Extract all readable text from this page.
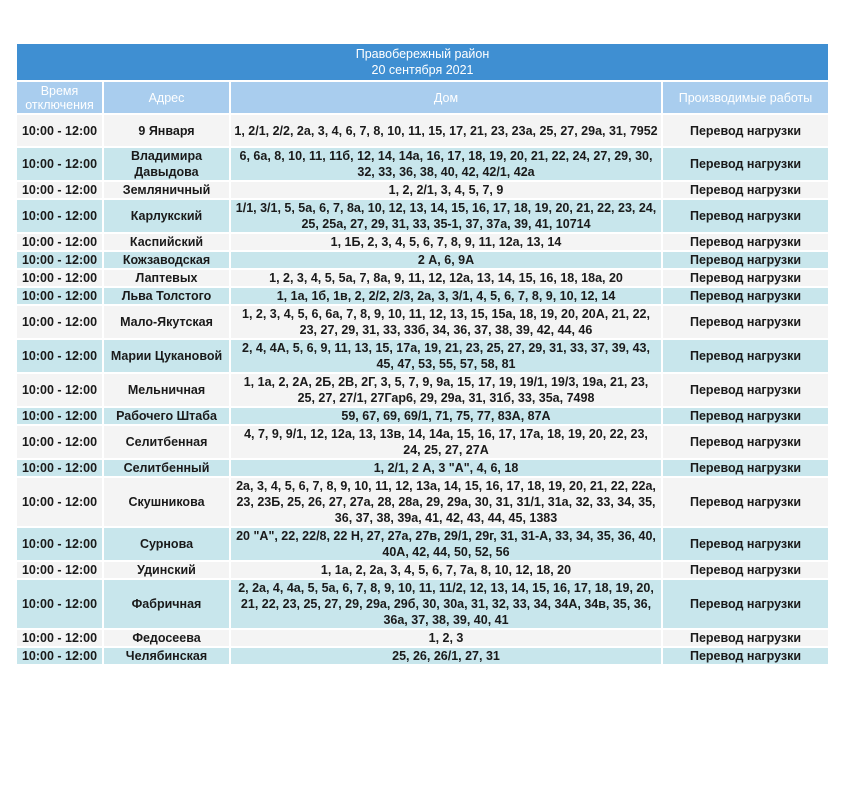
Правобережный район
20 сентября 2021			
Время
отключения	Адрес	Дом	Производимые работы
10:00 - 12:00	9 Января	1, 2/1, 2/2, 2а, 3, 4, 6, 7, 8, 10, 11, 15, 17, 21, 23, 23а, 25, 27, 29а, 31, 7952	Перевод нагрузки
10:00 - 12:00	Владимира Давыдова	6, 6а, 8, 10, 11, 11б, 12, 14, 14а, 16, 17, 18, 19, 20, 21, 22, 24, 27, 29, 30, 32, 33, 36, 38, 40, 42, 42/1, 42а	Перевод нагрузки
10:00 - 12:00	Земляничный	1, 2, 2/1, 3, 4, 5, 7, 9	Перевод нагрузки
10:00 - 12:00	Карлукский	1/1, 3/1, 5, 5а, 6, 7, 8а, 10, 12, 13, 14, 15, 16, 17, 18, 19, 20, 21, 22, 23, 24, 25, 25а, 27, 29, 31, 33, 35-1, 37, 37а, 39, 41, 10714	Перевод нагрузки
10:00 - 12:00	Каспийский	1, 1Б, 2, 3, 4, 5, 6, 7, 8, 9, 11, 12а, 13, 14	Перевод нагрузки
10:00 - 12:00	Кожзаводская	2 А, 6, 9А	Перевод нагрузки
10:00 - 12:00	Лаптевых	1, 2, 3, 4, 5, 5а, 7, 8а, 9, 11, 12, 12а, 13, 14, 15, 16, 18, 18а, 20	Перевод нагрузки
10:00 - 12:00	Льва Толстого	1, 1а, 1б, 1в, 2, 2/2, 2/3, 2а, 3, 3/1, 4, 5, 6, 7, 8, 9, 10, 12, 14	Перевод нагрузки
10:00 - 12:00	Мало-Якутская	1, 2, 3, 4, 5, 6, 6а, 7, 8, 9, 10, 11, 12, 13, 15, 15а, 18, 19, 20, 20А, 21, 22, 23, 27, 29, 31, 33, 33б, 34, 36, 37, 38, 39, 42, 44, 46	Перевод нагрузки
10:00 - 12:00	Марии Цукановой	2, 4, 4А, 5, 6, 9, 11, 13, 15, 17а, 19, 21, 23, 25, 27, 29, 31, 33, 37, 39, 43, 45, 47, 53, 55, 57, 58, 81	Перевод нагрузки
10:00 - 12:00	Мельничная	1, 1а, 2, 2А, 2Б, 2В, 2Г, 3, 5, 7, 9, 9а, 15, 17, 19, 19/1, 19/3, 19а, 21, 23, 25, 27, 27/1, 27Гар6, 29, 29а, 31, 31б, 33, 35а, 7498	Перевод нагрузки
10:00 - 12:00	Рабочего Штаба	59, 67, 69, 69/1, 71, 75, 77, 83А, 87А	Перевод нагрузки
10:00 - 12:00	Селитбенная	4, 7, 9, 9/1, 12, 12а, 13, 13в, 14, 14а, 15, 16, 17, 17а, 18, 19, 20, 22, 23, 24, 25, 27, 27А	Перевод нагрузки
10:00 - 12:00	Селитбенный	1, 2/1, 2 А, 3 "А", 4, 6, 18	Перевод нагрузки
10:00 - 12:00	Скушникова	2а, 3, 4, 5, 6, 7, 8, 9, 10, 11, 12, 13а, 14, 15, 16, 17, 18, 19, 20, 21, 22, 22а, 23, 23Б, 25, 26, 27, 27а, 28, 28а, 29, 29а, 30, 31, 31/1, 31а, 32, 33, 34, 35, 36, 37, 38, 39а, 41, 42, 43, 44, 45, 1383	Перевод нагрузки
10:00 - 12:00	Сурнова	20 "А", 22, 22/8, 22 Н, 27, 27а, 27в, 29/1, 29г, 31, 31-А, 33, 34, 35, 36, 40, 40А, 42, 44, 50, 52, 56	Перевод нагрузки
10:00 - 12:00	Удинский	1, 1а, 2, 2а, 3, 4, 5, 6, 7, 7а, 8, 10, 12, 18, 20	Перевод нагрузки
10:00 - 12:00	Фабричная	2, 2а, 4, 4а, 5, 5а, 6, 7, 8, 9, 10, 11, 11/2, 12, 13, 14, 15, 16, 17, 18, 19, 20, 21, 22, 23, 25, 27, 29, 29а, 29б, 30, 30а, 31, 32, 33, 34, 34А, 34в, 35, 36, 36а, 37, 38, 39, 40, 41	Перевод нагрузки
10:00 - 12:00	Федосеева	1, 2, 3	Перевод нагрузки
10:00 - 12:00	Челябинская	25, 26, 26/1, 27, 31	Перевод нагрузки
